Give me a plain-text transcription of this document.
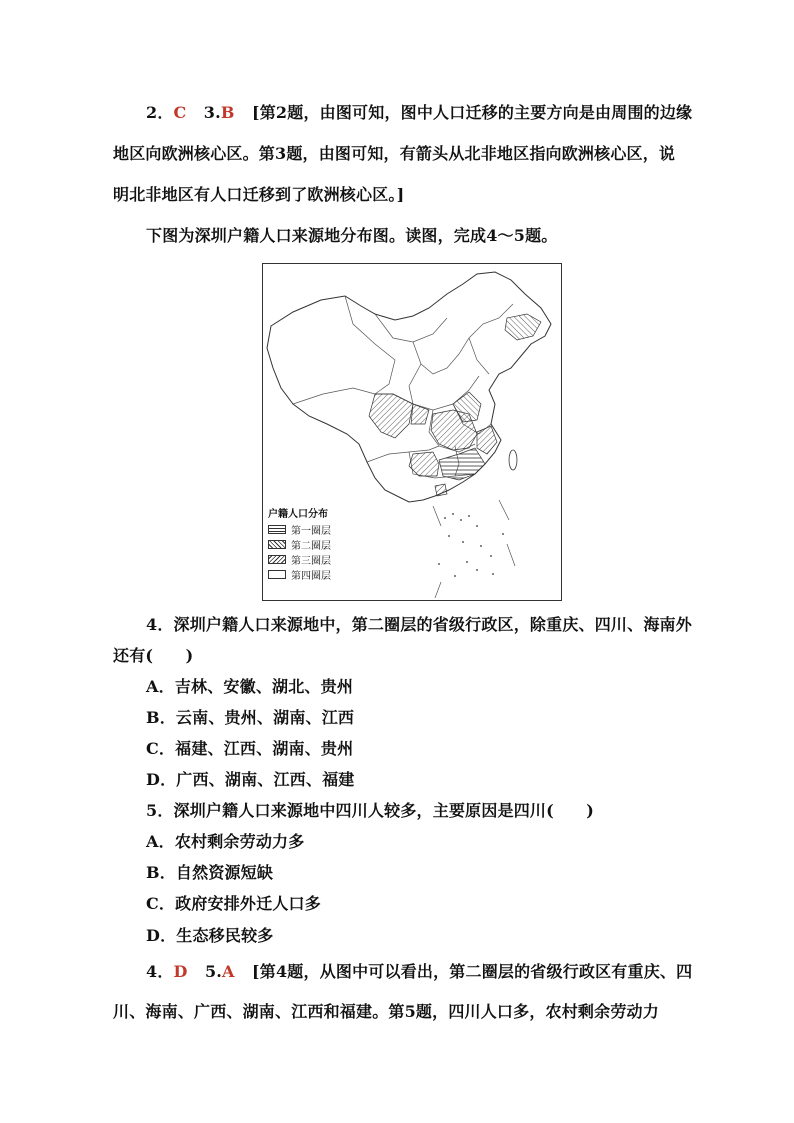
2．C 3.B [第2题，由图可知，图中人口迁移的主要方向是由周围的边缘
地区向欧洲核心区。第3题，由图可知，有箭头从北非地区指向欧洲核心区，说
明北非地区有人口迁移到了欧洲核心区。]
下图为深圳户籍人口来源地分布图。读图，完成4～5题。
户籍人口分布
第一圈层
第二圈层
第三圈层
第四圈层
4．深圳户籍人口来源地中，第二圈层的省级行政区，除重庆、四川、海南外
还有(　　)
A．吉林、安徽、湖北、贵州
B．云南、贵州、湖南、江西
C．福建、江西、湖南、贵州
D．广西、湖南、江西、福建
5．深圳户籍人口来源地中四川人较多，主要原因是四川(　　)
A．农村剩余劳动力多
B．自然资源短缺
C．政府安排外迁人口多
D．生态移民较多
4．D 5.A [第4题，从图中可以看出，第二圈层的省级行政区有重庆、四
川、海南、广西、湖南、江西和福建。第5题，四川人口多，农村剩余劳动力
